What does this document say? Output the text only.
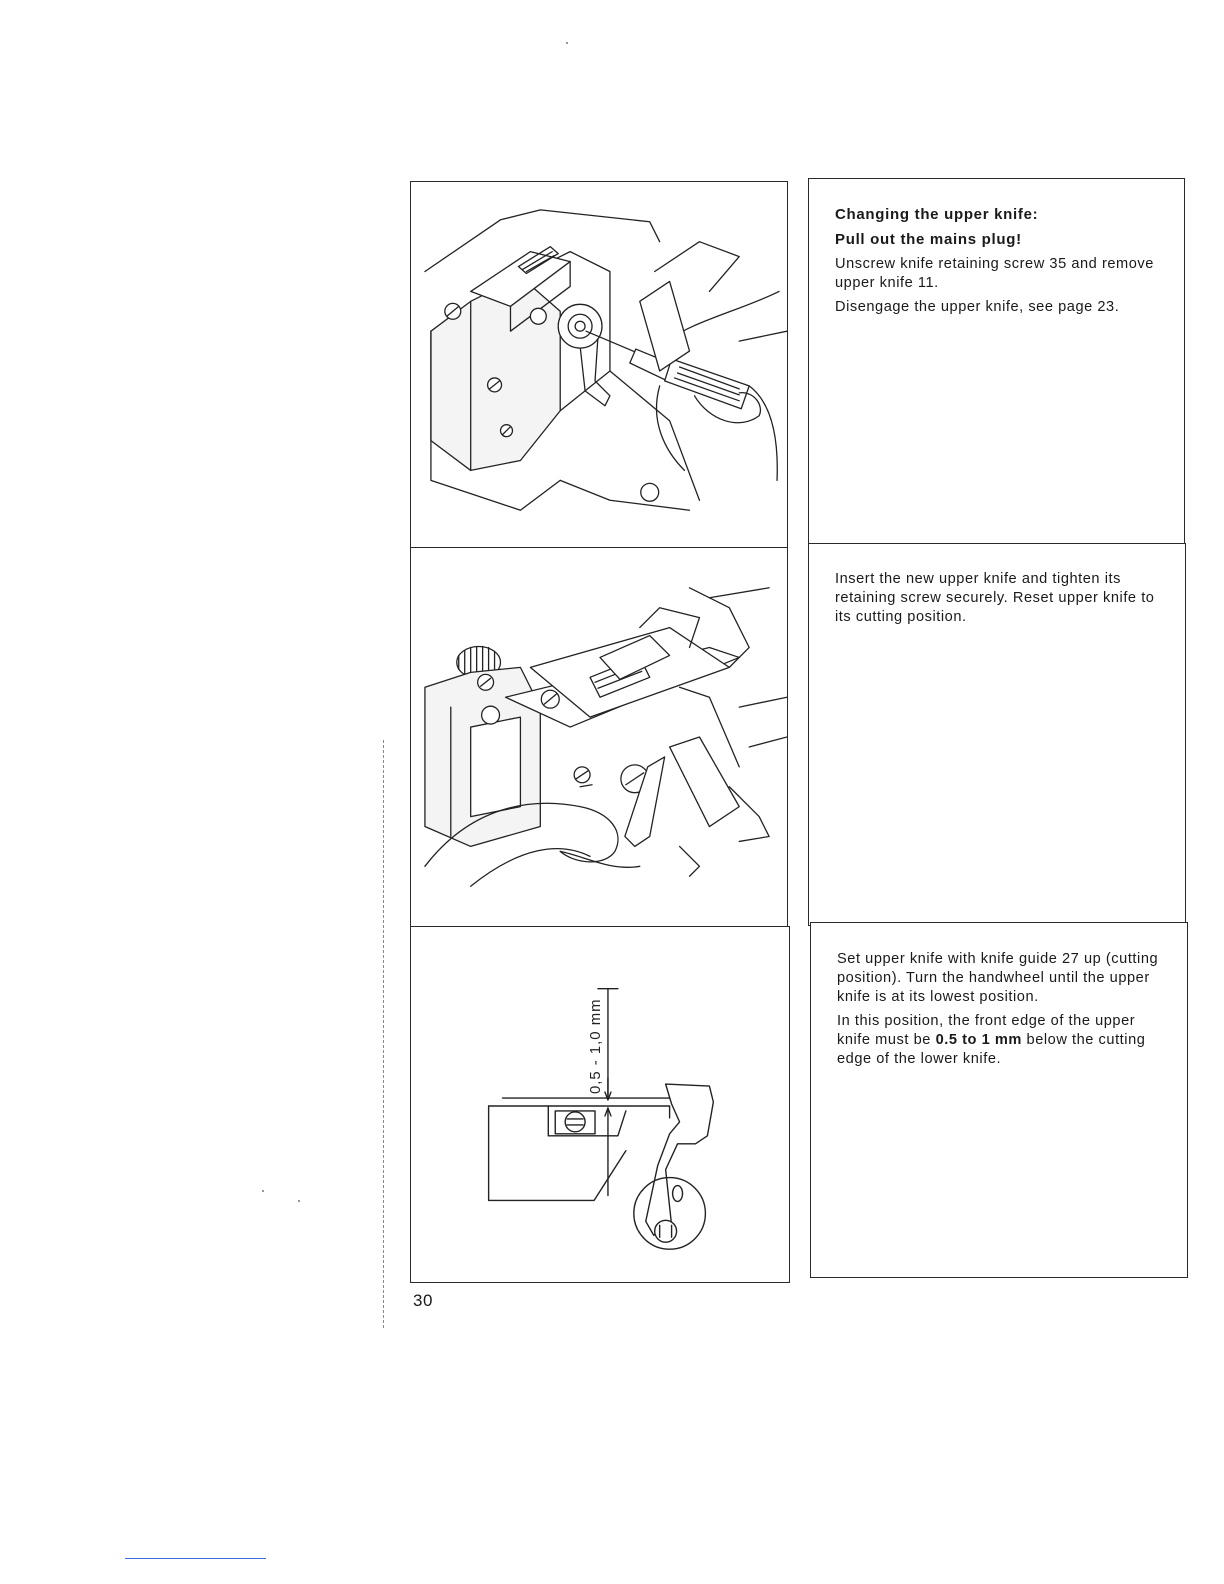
Changing the upper knife:

Pull out the mains plug!

Unscrew knife retaining screw 35 and remove upper knife 11.

Disengage the upper knife, see page 23.

Insert the new upper knife and tighten its retaining screw securely. Reset upper knife to its cutting position.

0,5 - 1,0 mm

Set upper knife with knife guide 27 up (cutting position). Turn the handwheel until the upper knife is at its lowest position.

In this position, the front edge of the upper knife must be 0.5 to 1 mm below the cutting edge of the lower knife.

30
